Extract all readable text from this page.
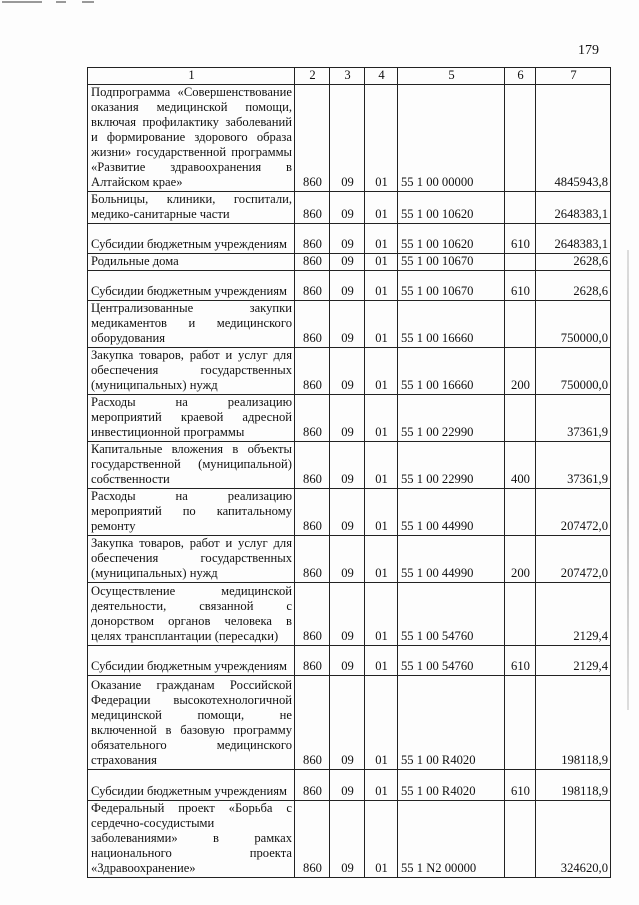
179
1	2	3	4	5	6	7
Подпрограмма «Совершенствование оказания медицинской помощи, включая профилактику заболеваний и формирование здорового образа жизни» государственной программы «Развитие здравоохранения в Алтайском крае»	860	09	01	55 1 00 00000		4845943,8
Больницы, клиники, госпитали, медико-санитарные части	860	09	01	55 1 00 10620		2648383,1
Субсидии бюджетным учреждениям	860	09	01	55 1 00 10620	610	2648383,1
Родильные дома	860	09	01	55 1 00 10670		2628,6
Субсидии бюджетным учреждениям	860	09	01	55 1 00 10670	610	2628,6
Централизованные закупки медикаментов и медицинского оборудования	860	09	01	55 1 00 16660		750000,0
Закупка товаров, работ и услуг для обеспечения государственных (муниципальных) нужд	860	09	01	55 1 00 16660	200	750000,0
Расходы на реализацию мероприятий краевой адресной инвестиционной программы	860	09	01	55 1 00 22990		37361,9
Капитальные вложения в объекты государственной (муниципальной) собственности	860	09	01	55 1 00 22990	400	37361,9
Расходы на реализацию мероприятий по капитальному ремонту	860	09	01	55 1 00 44990		207472,0
Закупка товаров, работ и услуг для обеспечения государственных (муниципальных) нужд	860	09	01	55 1 00 44990	200	207472,0
Осуществление медицинской деятельности, связанной с донорством органов человека в целях трансплантации (пересадки)	860	09	01	55 1 00 54760		2129,4
Субсидии бюджетным учреждениям	860	09	01	55 1 00 54760	610	2129,4
Оказание гражданам Российской Федерации высокотехнологичной медицинской помощи, не включенной в базовую программу обязательного медицинского страхования	860	09	01	55 1 00 R4020		198118,9
Субсидии бюджетным учреждениям	860	09	01	55 1 00 R4020	610	198118,9
Федеральный проект «Борьба с сердечно-сосудистыми заболеваниями» в рамках национального проекта «Здравоохранение»	860	09	01	55 1 N2 00000		324620,0
